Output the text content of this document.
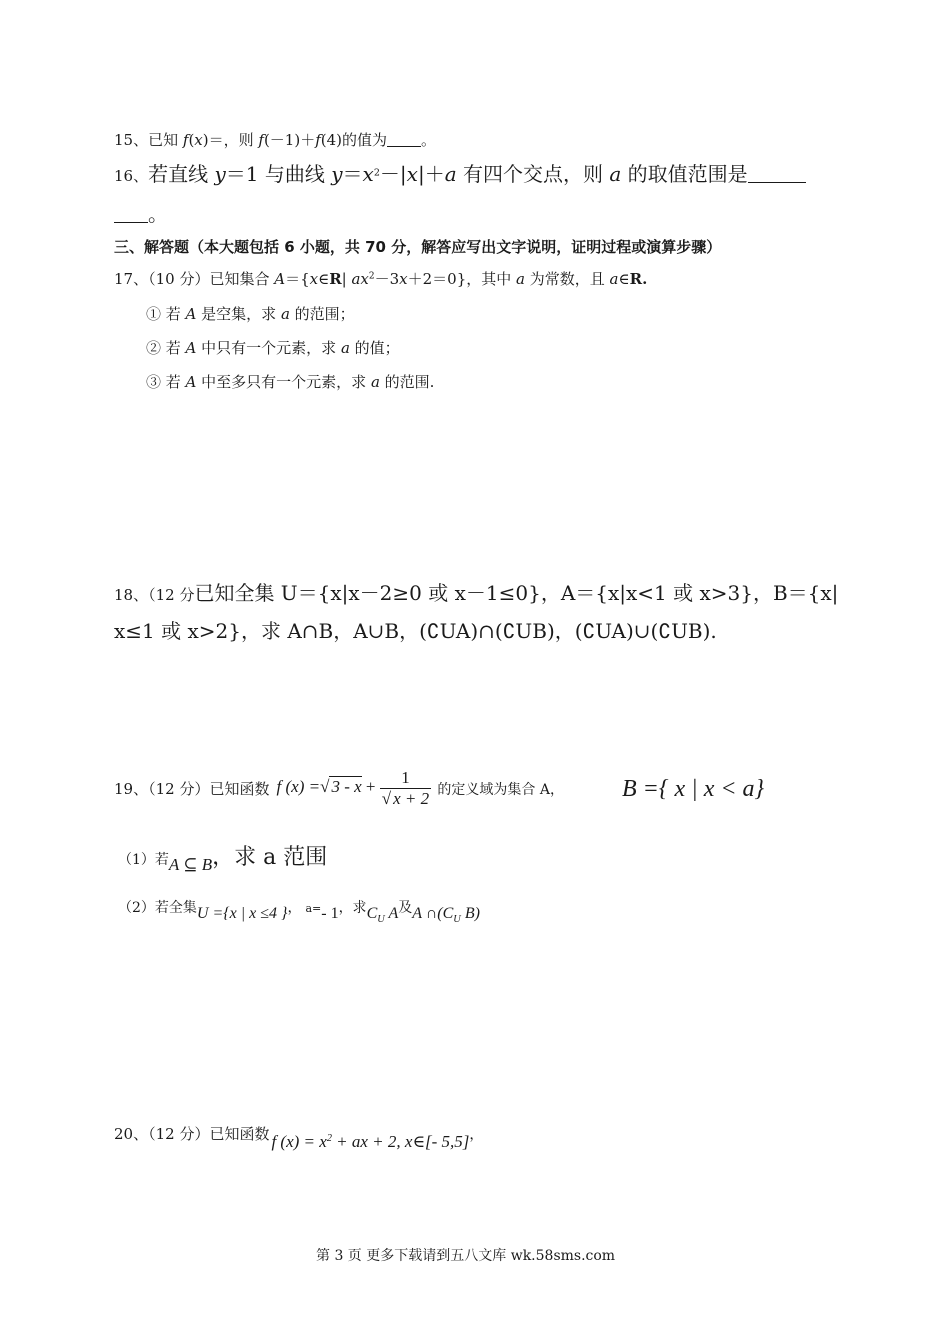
15、已知 f(x)＝，则 f(－1)＋f(4)的值为 。
16、若直线 y＝1 与曲线 $y=x^2-|x|+a$ 有四个交点，则 a 的取值范围是
。
三、解答题（本大题包括 6 小题，共 70 分，解答应写出文字说明，证明过程或演算步骤）
17、（10 分）已知集合 A＝{x∈R| $ax^2-3x+2=0$}，其中 a 为常数，且 a∈R.
① 若 A 是空集，求 a 的范围；
② 若 A 中只有一个元素，求 a 的值；
③ 若 A 中至多只有一个元素，求 a 的范围.
18、（12 分已知全集 U＝{x|x－2≥0 或 x－1≤0}，A＝{x|x<1 或 x>3}，B＝{x|
x≤1 或 x>2}，求 A∩B，A∪B，(∁UA)∩(∁UB)，(∁UA)∪(∁UB).
19、（12 分）已知函数 f (x) =√ $3 - x + \frac{1}{√ x + 2}$ 的定义域为集合 A， B ={ x | x < a}
（1）若A ⊆ B，求 a 范围
（2）若全集U ={x | x ≤4 }， a=- 1，求$C_U$ A及A $\cap(C_U$ B)
20、（12 分）已知函数 f $(x) = x^2$ + ax + 2, x∈[- 5,5]，
第 3 页 更多下载请到五八文库 wk.58sms.com
